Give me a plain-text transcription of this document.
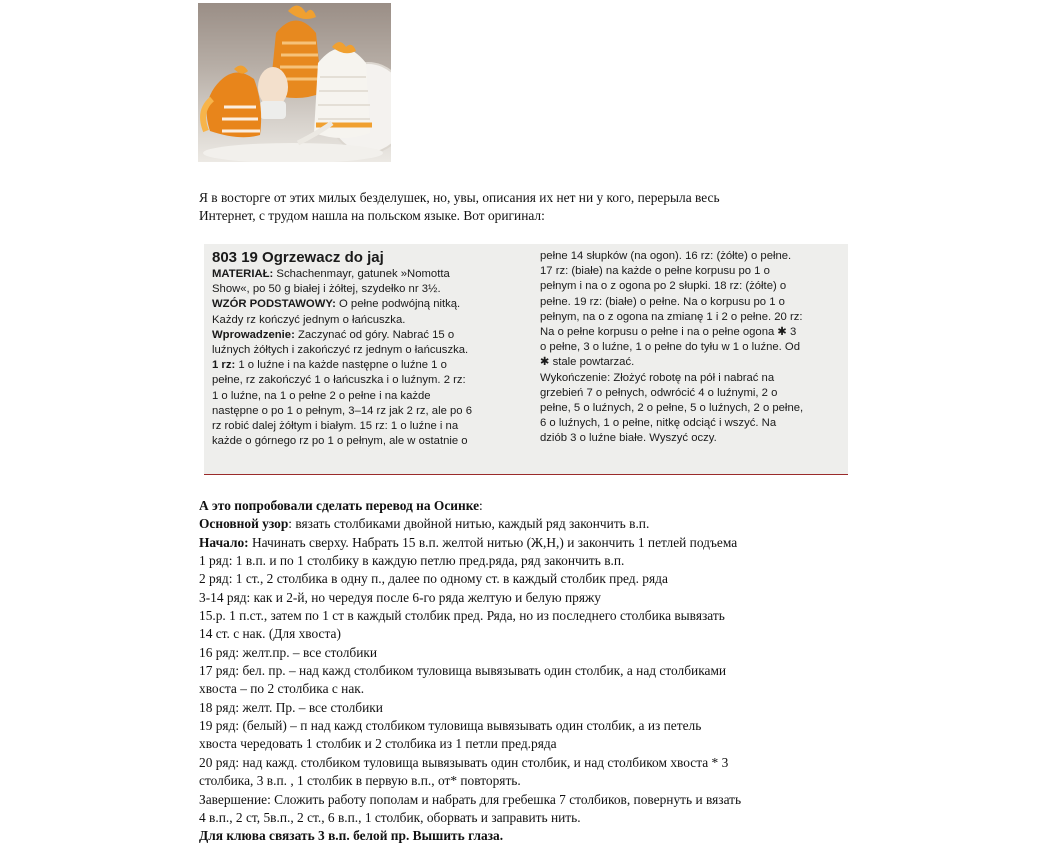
Я в восторге от этих милых безделушек, но, увы, описания их нет ни у кого, перерыла весь
Интернет, с трудом нашла на польском языке. Вот оригинал:

803 19 Ogrzewacz do jaj
MATERIAŁ: Schachenmayr, gatunek »Nomotta
Show«, po 50 g białej i żółtej, szydełko nr 3½.
WZÓR PODSTAWOWY: O pełne podwójną nitką.
Każdy rz kończyć jednym o łańcuszka.
Wprowadzenie: Zaczynać od góry. Nabrać 15 o
luźnych żółtych i zakończyć rz jednym o łańcuszka.
1 rz: 1 o luźne i na każde następne o luźne 1 o
pełne, rz zakończyć 1 o łańcuszka i o luźnym. 2 rz:
1 o luźne, na 1 o pełne 2 o pełne i na każde
następne o po 1 o pełnym, 3–14 rz jak 2 rz, ale po 6
rz robić dalej żółtym i białym. 15 rz: 1 o luźne i na
każde o górnego rz po 1 o pełnym, ale w ostatnie o
pełne 14 słupków (na ogon). 16 rz: (żółte) o pełne.
17 rz: (białe) na każde o pełne korpusu po 1 o
pełnym i na o z ogona po 2 słupki. 18 rz: (żółte) o
pełne. 19 rz: (białe) o pełne. Na o korpusu po 1 o
pełnym, na o z ogona na zmianę 1 i 2 o pełne. 20 rz:
Na o pełne korpusu o pełne i na o pełne ogona ✱ 3
o pełne, 3 o luźne, 1 o pełne do tyłu w 1 o luźne. Od
✱ stale powtarzać.
Wykończenie: Złożyć robotę na pół i nabrać na
grzebień 7 o pełnych, odwrócić 4 o luźnymi, 2 o
pełne, 5 o luźnych, 2 o pełne, 5 o luźnych, 2 o pełne,
6 o luźnych, 1 o pełne, nitkę odciąć i wszyć. Na
dziób 3 o luźne białe. Wyszyć oczy.
А это попробовали сделать перевод на Осинке:
Основной узор: вязать столбиками двойной нитью, каждый ряд закончить в.п.
Начало: Начинать сверху. Набрать 15 в.п. желтой нитью (Ж,Н,) и закончить 1 петлей подъема
1 ряд: 1 в.п. и по 1 столбику в каждую петлю пред.ряда, ряд закончить в.п.
2 ряд: 1 ст., 2 столбика в одну п., далее по одному ст. в каждый столбик пред. ряда
3-14 ряд: как и 2-й, но чередуя после 6-го ряда желтую и белую пряжу
15.р. 1 п.ст., затем по 1 ст в каждый столбик пред. Ряда, но из последнего столбика вывязать
14 ст. с нак. (Для хвоста)
16 ряд: желт.пр. – все столбики
17 ряд: бел. пр. – над кажд столбиком туловища вывязывать один столбик, а над столбиками
хвоста – по 2 столбика с нак.
18 ряд: желт. Пр. – все столбики
19 ряд: (белый) – п над кажд столбиком туловища вывязывать один столбик, а из петель
хвоста чередовать 1 столбик и 2 столбика из 1 петли пред.ряда
20 ряд: над кажд. столбиком туловища вывязывать один столбик, и над столбиком хвоста * 3
столбика, 3 в.п. , 1 столбик в первую в.п., от* повторять.
Завершение: Сложить работу пополам и набрать для гребешка 7 столбиков, повернуть и вязать
4 в.п., 2 ст, 5в.п., 2 ст., 6 в.п., 1 столбик, оборвать и заправить нить.
Для клюва связать 3 в.п. белой пр. Вышить глаза.
